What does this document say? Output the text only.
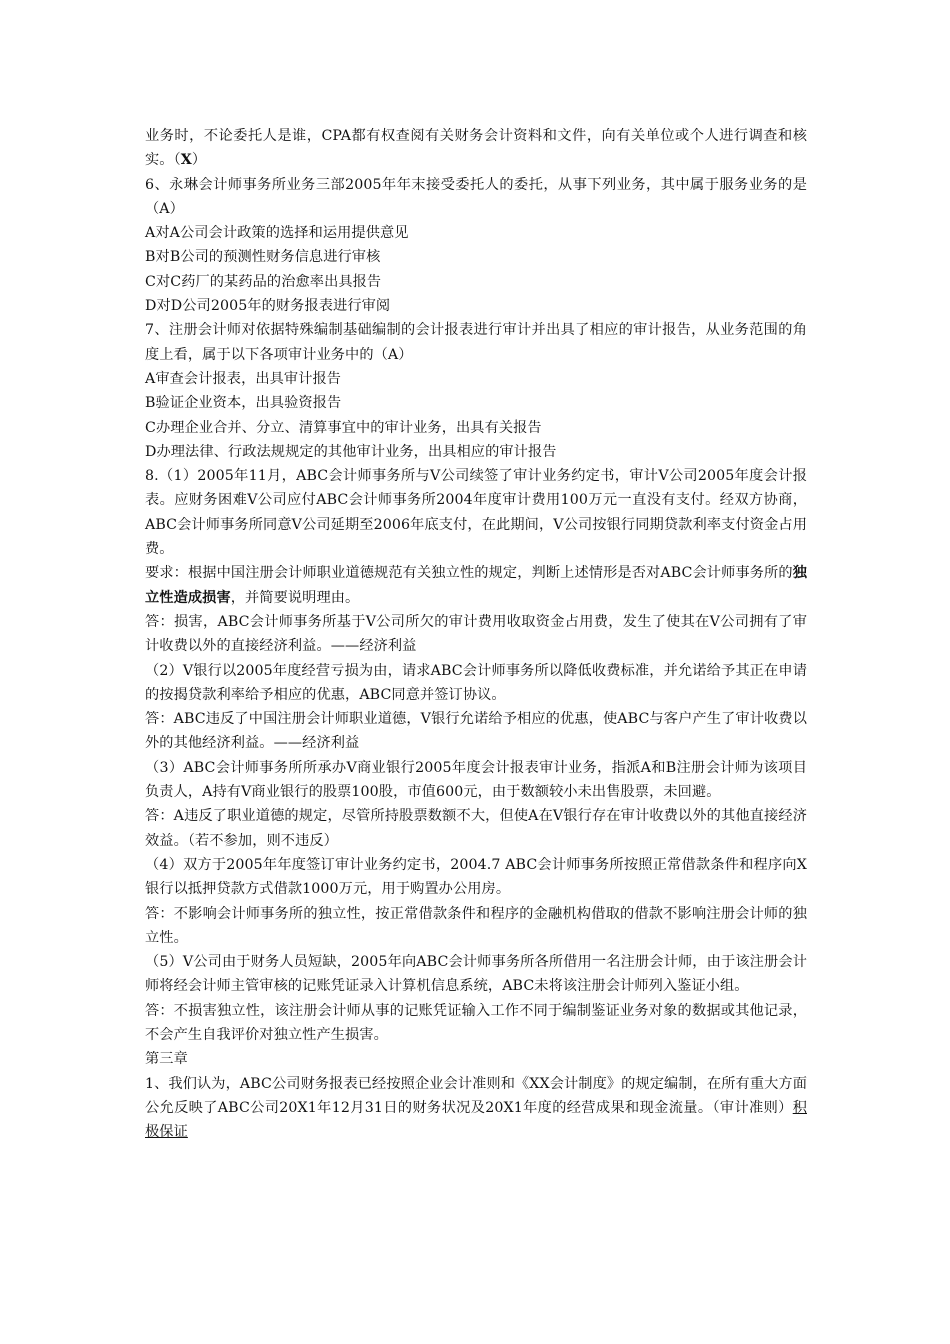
业务时，不论委托人是谁，CPA都有权查阅有关财务会计资料和文件，向有关单位或个人进行调查和核实。（X）

6、永琳会计师事务所业务三部2005年年末接受委托人的委托，从事下列业务，其中属于服务业务的是（A）

A对A公司会计政策的选择和运用提供意见

B对B公司的预测性财务信息进行审核

C对C药厂的某药品的治愈率出具报告

D对D公司2005年的财务报表进行审阅

7、注册会计师对依据特殊编制基础编制的会计报表进行审计并出具了相应的审计报告，从业务范围的角度上看，属于以下各项审计业务中的（A）

A审查会计报表，出具审计报告

B验证企业资本，出具验资报告

C办理企业合并、分立、清算事宜中的审计业务，出具有关报告

D办理法律、行政法规规定的其他审计业务，出具相应的审计报告

8.（1）2005年11月，ABC会计师事务所与V公司续签了审计业务约定书，审计V公司2005年度会计报表。应财务困难V公司应付ABC会计师事务所2004年度审计费用100万元一直没有支付。经双方协商，ABC会计师事务所同意V公司延期至2006年底支付，在此期间，V公司按银行同期贷款利率支付资金占用费。

要求：根据中国注册会计师职业道德规范有关独立性的规定，判断上述情形是否对ABC会计师事务所的独立性造成损害，并简要说明理由。

答：损害，ABC会计师事务所基于V公司所欠的审计费用收取资金占用费，发生了使其在V公司拥有了审计收费以外的直接经济利益。——经济利益

（2）V银行以2005年度经营亏损为由，请求ABC会计师事务所以降低收费标准，并允诺给予其正在申请的按揭贷款利率给予相应的优惠，ABC同意并签订协议。

答：ABC违反了中国注册会计师职业道德，V银行允诺给予相应的优惠，使ABC与客户产生了审计收费以外的其他经济利益。——经济利益

（3）ABC会计师事务所所承办V商业银行2005年度会计报表审计业务，指派A和B注册会计师为该项目负责人，A持有V商业银行的股票100股，市值600元，由于数额较小未出售股票，未回避。

答：A违反了职业道德的规定，尽管所持股票数额不大，但使A在V银行存在审计收费以外的其他直接经济效益。（若不参加，则不违反）

（4）双方于2005年年度签订审计业务约定书，2004.7 ABC会计师事务所按照正常借款条件和程序向X银行以抵押贷款方式借款1000万元，用于购置办公用房。

答：不影响会计师事务所的独立性，按正常借款条件和程序的金融机构借取的借款不影响注册会计师的独立性。

（5）V公司由于财务人员短缺，2005年向ABC会计师事务所各所借用一名注册会计师，由于该注册会计师将经会计师主管审核的记账凭证录入计算机信息系统，ABC未将该注册会计师列入鉴证小组。

答：不损害独立性，该注册会计师从事的记账凭证输入工作不同于编制鉴证业务对象的数据或其他记录，不会产生自我评价对独立性产生损害。

第三章

1、我们认为，ABC公司财务报表已经按照企业会计准则和《XX会计制度》的规定编制，在所有重大方面公允反映了ABC公司20X1年12月31日的财务状况及20X1年度的经营成果和现金流量。（审计准则）积极保证
